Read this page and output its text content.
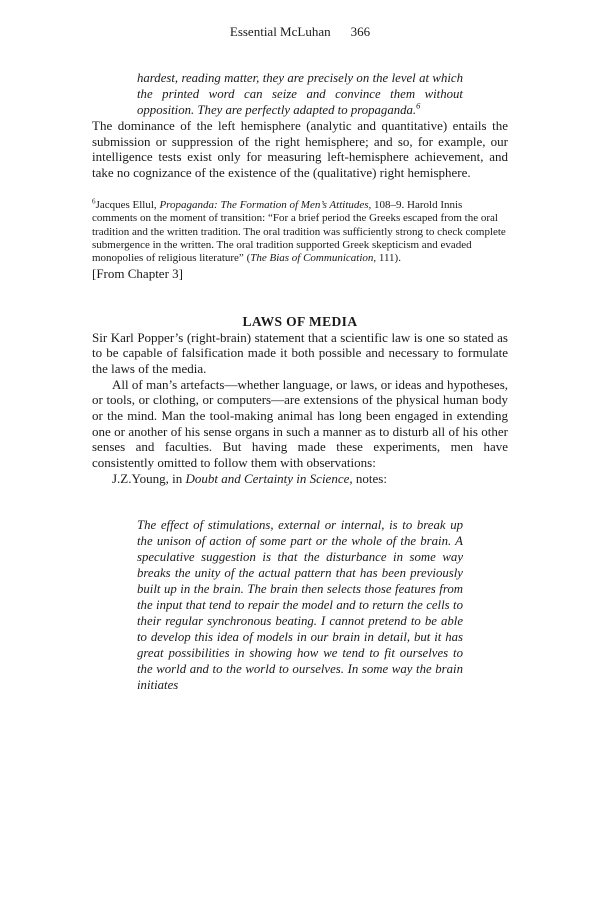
Essential McLuhan 366
hardest, reading matter, they are precisely on the level at which the printed word can seize and convince them without opposition. They are perfectly adapted to propaganda.$^6$

The dominance of the left hemisphere (analytic and quantitative) entails the submission or suppression of the right hemisphere; and so, for example, our intelligence tests exist only for measuring left-hemisphere achievement, and take no cognizance of the existence of the (qualitative) right hemisphere.

$^6$Jacques Ellul, Propaganda: The Formation of Men’s Attitudes, 108–9. Harold Innis comments on the moment of transition: “For a brief period the Greeks escaped from the oral tradition and the written tradition. The oral tradition was sufficiently strong to check complete submergence in the written. The oral tradition supported Greek skepticism and evaded monopolies of religious literature” (The Bias of Communication, 111).

[From Chapter 3]

LAWS OF MEDIA

Sir Karl Popper’s (right-brain) statement that a scientific law is one so stated as to be capable of falsification made it both possible and necessary to formulate the laws of the media.

All of man’s artefacts—whether language, or laws, or ideas and hypotheses, or tools, or clothing, or computers—are extensions of the physical human body or the mind. Man the tool-making animal has long been engaged in extending one or another of his sense organs in such a manner as to disturb all of his other senses and faculties. But having made these experiments, men have consistently omitted to follow them with observations:

J.Z.Young, in Doubt and Certainty in Science, notes:

The effect of stimulations, external or internal, is to break up the unison of action of some part or the whole of the brain. A speculative suggestion is that the disturbance in some way breaks the unity of the actual pattern that has been previously built up in the brain. The brain then selects those features from the input that tend to repair the model and to return the cells to their regular synchronous beating. I cannot pretend to be able to develop this idea of models in our brain in detail, but it has great possibilities in showing how we tend to fit ourselves to the world and to the world to ourselves. In some way the brain initiates
